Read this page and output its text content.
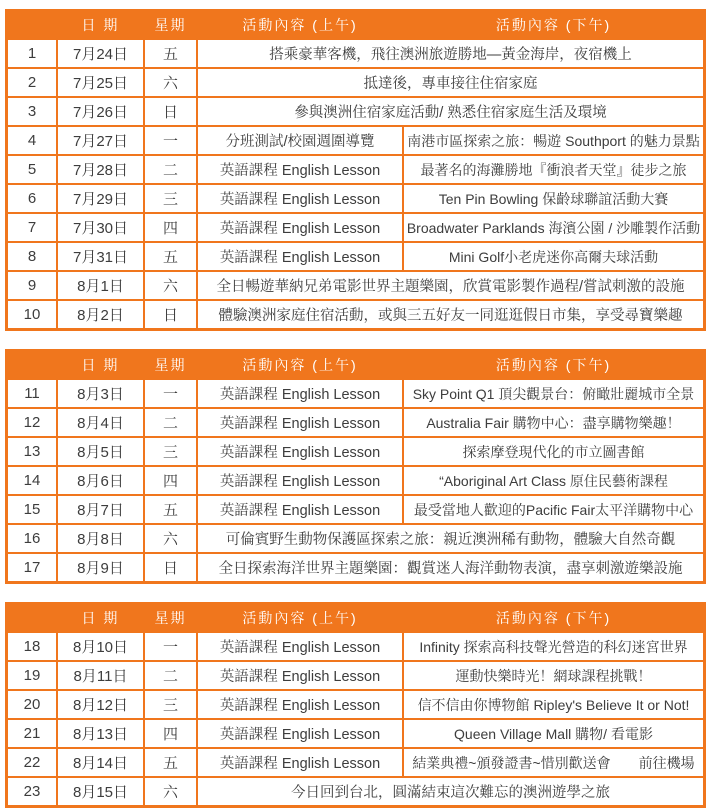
	日 期	星期	活動內容 (上午)	活動內容 (下午)
1	7月24日	五	搭乘豪華客機，飛往澳洲旅遊勝地—黃金海岸，夜宿機上	
2	7月25日	六	抵達後，專車接往住宿家庭	
3	7月26日	日	參與澳洲住宿家庭活動/ 熟悉住宿家庭生活及環境	
4	7月27日	一	分班測試/校園週圍導覽	南港市區探索之旅：暢遊 Southport 的魅力景點
5	7月28日	二	英語課程 English Lesson	最著名的海灘勝地『衝浪者天堂』徒步之旅
6	7月29日	三	英語課程 English Lesson	Ten Pin Bowling 保齡球聯誼活動大賽
7	7月30日	四	英語課程 English Lesson	Broadwater Parklands 海濱公園 / 沙雕製作活動
8	7月31日	五	英語課程 English Lesson	Mini Golf小老虎迷你高爾夫球活動
9	8月1日	六	全日暢遊華納兄弟電影世界主題樂園，欣賞電影製作過程/嘗試刺激的設施	
10	8月2日	日	體驗澳洲家庭住宿活動，或與三五好友一同逛逛假日市集，享受尋寶樂趣	
	日 期	星期	活動內容 (上午)	活動內容 (下午)
11	8月3日	一	英語課程 English Lesson	Sky Point Q1 頂尖觀景台：俯瞰壯麗城市全景
12	8月4日	二	英語課程 English Lesson	Australia Fair 購物中心：盡享購物樂趣！
13	8月5日	三	英語課程 English Lesson	探索摩登現代化的市立圖書館
14	8月6日	四	英語課程 English Lesson	“Aboriginal Art Class 原住民藝術課程
15	8月7日	五	英語課程 English Lesson	最受當地人歡迎的Pacific Fair太平洋購物中心
16	8月8日	六	可倫賓野生動物保護區探索之旅：親近澳洲稀有動物，體驗大自然奇觀	
17	8月9日	日	全日探索海洋世界主題樂園：觀賞迷人海洋動物表演，盡享刺激遊樂設施	
	日 期	星期	活動內容 (上午)	活動內容 (下午)
18	8月10日	一	英語課程 English Lesson	Infinity 探索高科技聲光營造的科幻迷宮世界
19	8月11日	二	英語課程 English Lesson	運動快樂時光！網球課程挑戰！
20	8月12日	三	英語課程 English Lesson	信不信由你博物館 Ripley's Believe It or Not!
21	8月13日	四	英語課程 English Lesson	Queen Village Mall 購物/ 看電影
22	8月14日	五	英語課程 English Lesson	結業典禮~頒發證書~惜別歡送會　　前往機場
23	8月15日	六	今日回到台北，圓滿結束這次難忘的澳洲遊學之旅	
